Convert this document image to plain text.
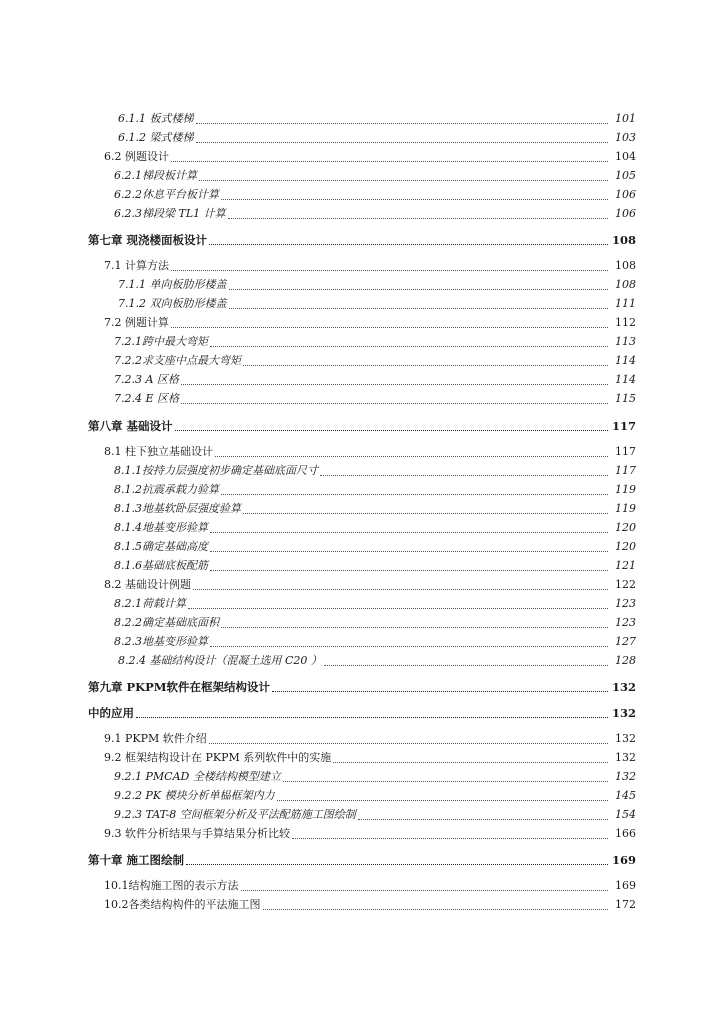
6.1.1 板式楼梯	101
6.1.2 梁式楼梯	103
6.2 例题设计	104
6.2.1梯段板计算	105
6.2.2休息平台板计算	106
6.2.3梯段梁 TL1 计算	106
第七章 现浇楼面板设计	108
7.1 计算方法	108
7.1.1 单向板肋形楼盖	108
7.1.2 双向板肋形楼盖	111
7.2 例题计算	112
7.2.1跨中最大弯矩	113
7.2.2求支座中点最大弯矩	114
7.2.3 A 区格	114
7.2.4 E 区格	115
第八章 基础设计	117
8.1 柱下独立基础设计	117
8.1.1按持力层强度初步确定基础底面尺寸	117
8.1.2抗震承载力验算	119
8.1.3地基软卧层强度验算	119
8.1.4地基变形验算	120
8.1.5确定基础高度	120
8.1.6基础底板配筋	121
8.2 基础设计例题	122
8.2.1荷载计算	123
8.2.2确定基础底面积	123
8.2.3地基变形验算	127
8.2.4 基础结构设计（混凝土选用 C20 ）	128
第九章 PKPM软件在框架结构设计	132
中的应用	132
9.1 PKPM 软件介绍	132
9.2 框架结构设计在 PKPM 系列软件中的实施	132
9.2.1 PMCAD 全楼结构模型建立	132
9.2.2 PK 模块分析单榀框架内力	145
9.2.3 TAT-8 空间框架分析及平法配筋施工图绘制	154
9.3 软件分析结果与手算结果分析比较	166
第十章 施工图绘制	169
10.1结构施工图的表示方法	169
10.2各类结构构件的平法施工图	172
